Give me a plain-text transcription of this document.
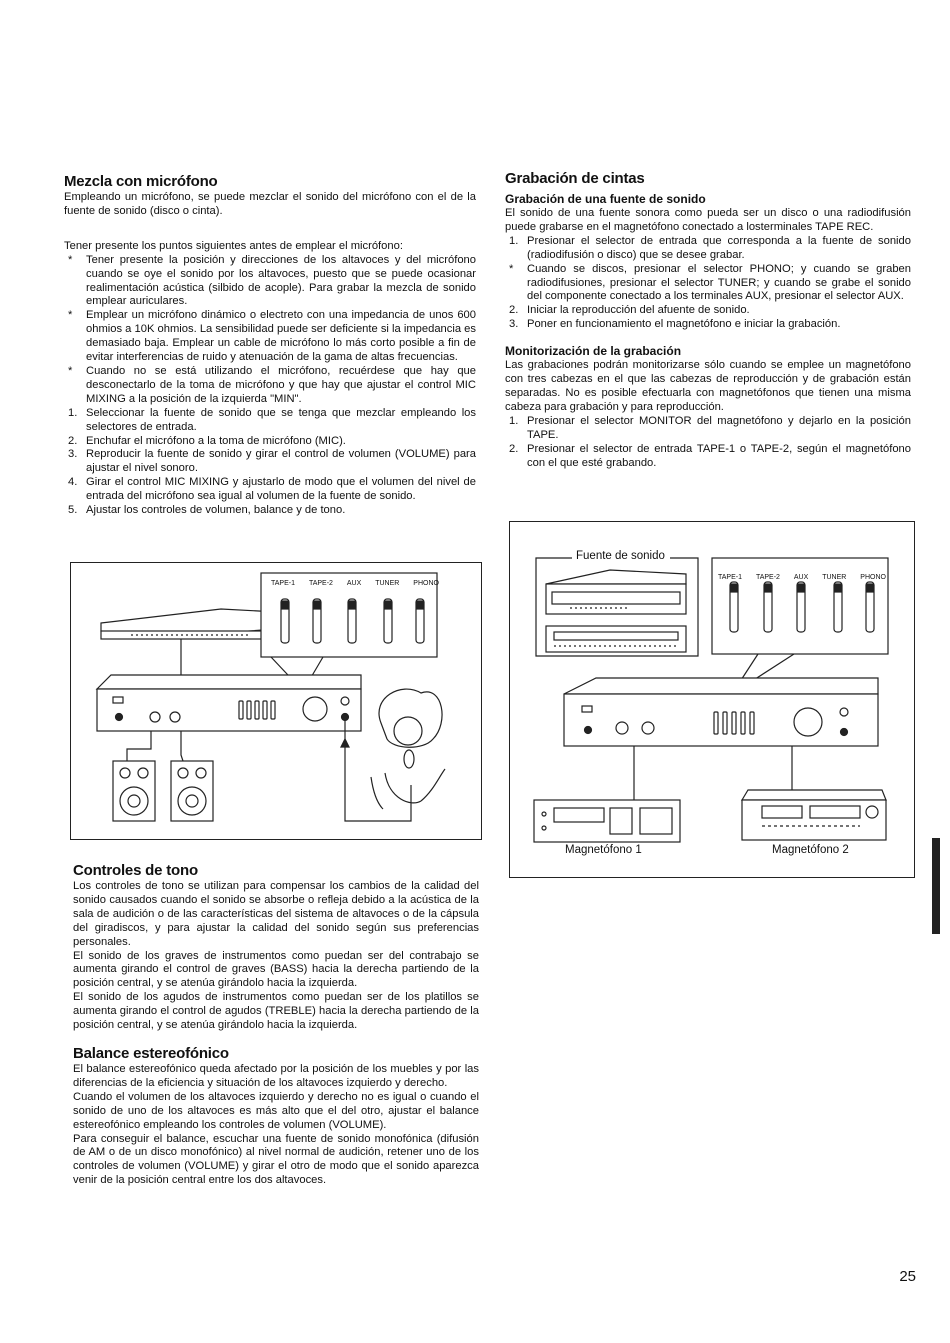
Mezcla con micrófono

Empleando un micrófono, se puede mezclar el sonido del micrófono con el de la fuente de sonido (disco o cinta).

Tener presente los puntos siguientes antes de emplear el micrófono:

* Tener presente la posición y direcciones de los altavoces y del micrófono cuando se oye el sonido por los altavoces, puesto que se puede ocasionar realimentación acústica (silbido de acople). Para grabar la mezcla de sonido emplear auriculares.
* Emplear un micrófono dinámico o electreto con una impedancia de unos 600 ohmios a 10K ohmios. La sensibilidad puede ser deficiente si la impedancia es demasiado baja. Emplear un cable de micrófono lo más corto posible a fin de evitar interferencias de ruido y atenuación de la gama de altas frecuencias.
* Cuando no se está utilizando el micrófono, recuérdese que hay que desconectarlo de la toma de micrófono y que hay que ajustar el control MIC MIXING a la posición de la izquierda "MIN".
1. Seleccionar la fuente de sonido que se tenga que mezclar empleando los selectores de entrada.
2. Enchufar el micrófono a la toma de micrófono (MIC).
3. Reproducir la fuente de sonido y girar el control de volumen (VOLUME) para ajustar el nivel sonoro.
4. Girar el control MIC MIXING y ajustarlo de modo que el volumen del nivel de entrada del micrófono sea igual al volumen de la fuente de sonido.
5. Ajustar los controles de volumen, balance y de tono.
TAPE-1 TAPE-2 AUX TUNER PHONO
Controles de tono

Los controles de tono se utilizan para compensar los cambios de la calidad del sonido causados cuando el sonido se absorbe o refleja debido a la acústica de la sala de audición o de las características del sistema de altavoces o de la cápsula del giradiscos, y para ajustar la calidad del sonido según sus preferencias personales.

El sonido de los graves de instrumentos como puedan ser del contrabajo se aumenta girando el control de graves (BASS) hacia la derecha partiendo de la posición central, y se atenúa girándolo hacia la izquierda.

El sonido de los agudos de instrumentos como puedan ser de los platillos se aumenta girando el control de agudos (TREBLE) hacia la derecha partiendo de la posición central, y se atenúa girándolo hacia la izquierda.

Balance estereofónico

El balance estereofónico queda afectado por la posición de los muebles y por las diferencias de la eficiencia y situación de los altavoces izquierdo y derecho.

Cuando el volumen de los altavoces izquierdo y derecho no es igual o cuando el sonido de uno de los altavoces es más alto que el del otro, ajustar el balance estereofónico empleando los controles de volumen (VOLUME).

Para conseguir el balance, escuchar una fuente de sonido monofónica (difusión de AM o de un disco monofónico) al nivel normal de audición, retener uno de los controles de volumen (VOLUME) y girar el otro de modo que el sonido aparezca venir de la posición central entre los dos altavoces.

Grabación de cintas
Grabación de una fuente de sonido

El sonido de una fuente sonora como pueda ser un disco o una radiodifusión puede grabarse en el magnetófono conectado a losterminales TAPE REC.

1. Presionar el selector de entrada que corresponda a la fuente de sonido (radiodifusión o disco) que se desee grabar.
* Cuando se discos, presionar el selector PHONO; y cuando se graben radiodifusiones, presionar el selector TUNER; y cuando se grabe el sonido del componente conectado a los terminales AUX, presionar el selector AUX.
2. Iniciar la reproducción del afuente de sonido.
3. Poner en funcionamiento el magnetófono e iniciar la grabación.
Monitorización de la grabación

Las grabaciones podrán monitorizarse sólo cuando se emplee un magnetófono con tres cabezas en el que las cabezas de reproducción y de grabación están separadas. No es posible efectuarla con magnetófonos que tienen una misma cabeza para grabación y para reproducción.

1. Presionar el selector MONITOR del magnetófono y dejarlo en la posición TAPE.
2. Presionar el selector de entrada TAPE-1 o TAPE-2, según el magnetófono con el que esté grabando.
Fuente de sonido
TAPE-1 TAPE-2 AUX TUNER PHONO
Magnetófono 1	Magnetófono 2
25
